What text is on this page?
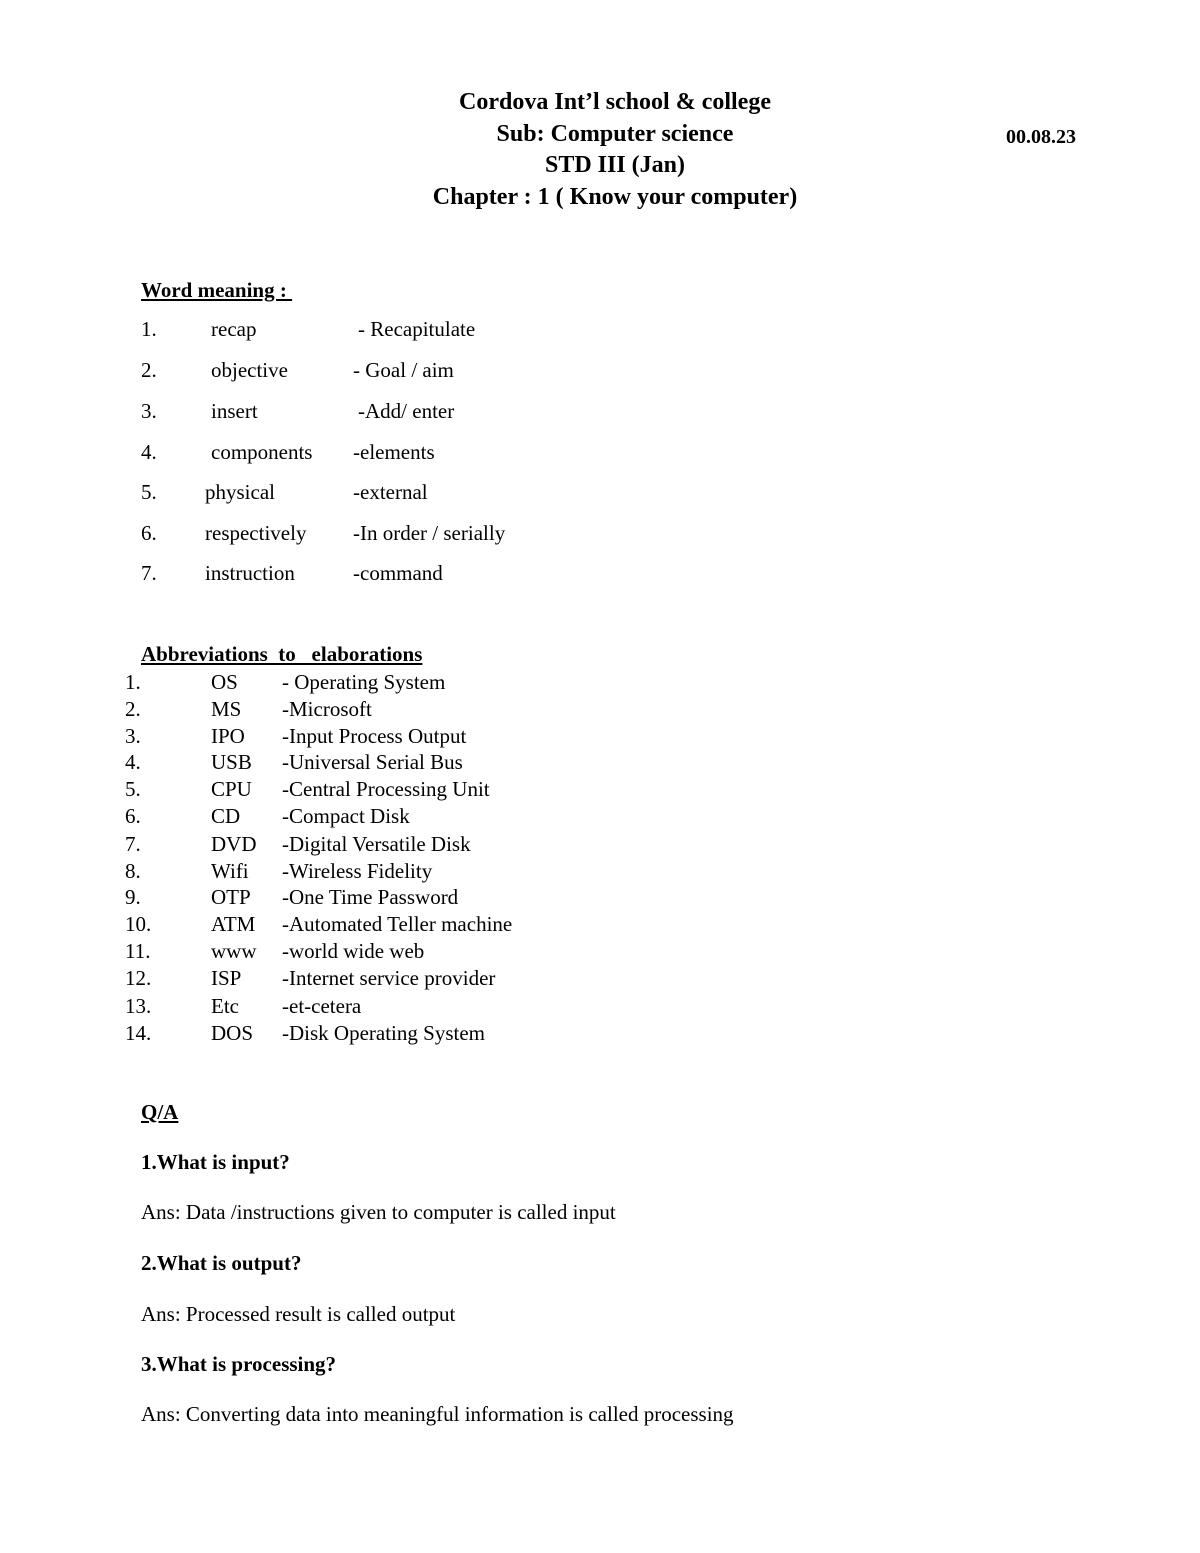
Cordova Int’l school & college
Sub: Computer science	00.08.23
STD III (Jan)
Chapter : 1 ( Know your computer)
Word meaning :
1.	recap	- Recapitulate
2.	objective	- Goal / aim
3.	insert	-Add/ enter
4.	components -elements
5. physical	-external
6. respectively -In order / serially
7. instruction	-command
Abbreviations  to   elaborations
1.	OS - Operating System
2.	MS -Microsoft
3.	IPO -Input Process Output
4.	USB -Universal Serial Bus
5.	CPU -Central Processing Unit
6.	CD -Compact Disk
7.	DVD -Digital Versatile Disk
8.	Wifi -Wireless Fidelity
9.	OTP -One Time Password
10.	ATM -Automated Teller machine
11.	www -world wide web
12.	ISP -Internet service provider
13.	Etc -et-cetera
14.	DOS -Disk Operating System
Q/A
1.What is input?
Ans: Data /instructions given to computer is called input
2.What is output?
Ans: Processed result is called output
3.What is processing?
Ans: Converting data into meaningful information is called processing
